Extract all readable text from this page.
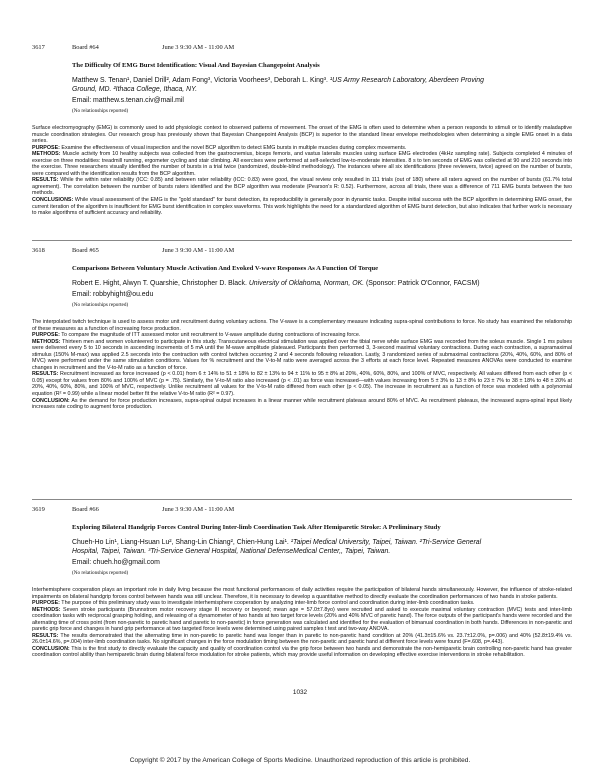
3617	Board #64	June 3 9:30 AM - 11:00 AM
The Difficulty Of EMG Burst Identification: Visual And Bayesian Changepoint Analysis
Matthew S. Tenan¹, Daniel Drill², Adam Fong³, Victoria Voorhees³, Deborah L. King³. ¹US Army Research Laboratory, Aberdeen Proving
Ground, MD. ²Ithaca College, Ithaca, NY.
Email: matthew.s.tenan.civ@mail.mil
(No relationships reported)

Surface electromyography (EMG) is commonly used to add physiologic context to observed patterns of movement. The onset of the EMG is often used to determine when a person responds to stimuli or to identify maladaptive muscle coordination strategies. Our research group has previously shown that Bayesian Changepoint Analysis (BCP) is superior to the standard linear envelope methodologies when determining a single EMG onset in a data series.

PURPOSE: Examine the effectiveness of visual inspection and the novel BCP algorithm to detect EMG bursts in multiple muscles during complex movements.

METHODS: Muscle activity from 10 healthy subjects was collected from the gastrocnemius, biceps femoris, and vastus lateralis muscles using surface EMG electrodes (4kHz sampling rate). Subjects completed 4 minutes of exercise on three modalities: treadmill running, ergometer cycling and stair climbing. All exercises were performed at self-selected low-to-moderate intensities. 8 s to ten seconds of EMG was collected at 90 and 210 seconds into the exercise. Three researchers visually identified the number of bursts in a trial twice (randomized, double-blind methodology). The instances where all six identifications (three reviewers, twice) agreed on the number of bursts, were compared with the identification results from the BCP algorithm.

RESULTS: While the within rater reliability (ICC: 0.85) and between rater reliability (ICC: 0.83) were good, the visual review only resulted in 111 trials (out of 180) where all raters agreed on the number of bursts (61.7% total agreement). The correlation between the number of bursts raters identified and the BCP algorithm was moderate (Pearson's R: 0.52). Furthermore, across all trials, there was a difference of 711 EMG bursts between the two methods.

CONCLUSIONS: While visual assessment of the EMG is the "gold standard" for burst detection, its reproducibility is generally poor in dynamic tasks. Despite initial success with the BCP algorithm in determining EMG onset, the current iteration of the algorithm is insufficient for EMG burst identification in complex waveforms. This work highlights the need for a standardized algorithm of EMG burst detection, but also indicates that further work is necessary to make algorithms of sufficient accuracy and reliability.

3618	Board #65	June 3 9:30 AM - 11:00 AM
Comparisons Between Voluntary Muscle Activation And Evoked V-wave Responses As A Function Of Torque
Robert E. Hight, Alwyn T. Quarshie, Christopher D. Black. University of Oklahoma, Norman, OK. (Sponsor: Patrick O'Connor, FACSM)
Email: robbyhight@ou.edu
(No relationships reported)

The interpolated twitch technique is used to assess motor unit recruitment during voluntary actions. The V-wave is a complementary measure indicating supra-spinal contributions to force. No study has examined the relationship of these measures as a function of increasing force production.

PURPOSE: To compare the magnitude of ITT assessed motor unit recruitment to V-wave amplitude during contractions of increasing force.

METHODS: Thirteen men and women volunteered to participate in this study. Transcutaneous electrical stimulation was applied over the tibial nerve while surface EMG was recorded from the soleus muscle. Single 1 ms pulses were delivered every 5 to 10 seconds in ascending increments of 5 mA until the M-wave amplitude plateaued. Participants then performed 3, 3-second maximal voluntary contractions. During each contraction, a supramaximal stimulus (150% M-max) was applied 2.5 seconds into the contraction with control twitches occurring 2 and 4 seconds following relaxation. Lastly, 3 randomized series of submaximal contractions (20%, 40%, 60%, and 80% of MVC) were performed under the same stimulation conditions. Values for % recruitment and the V-to-M ratio were averaged across the 3 efforts at each force level. Repeated measures ANOVAs were conducted to examine changes in recruitment and the V-to-M ratio as a function of force.

RESULTS: Recruitment increased as force increased (p < 0.01) from 6 ± 14% to 51 ± 18% to 82 ± 13% to 94 ± 11% to 95 ± 8% at 20%, 40%, 60%, 80%, and 100% of MVC, respectively. All values differed from each other (p < 0.05) except for values from 80% and 100% of MVC (p = .75). Similarly, the V-to-M ratio also increased (p < .01) as force was increased—with values increasing from 5 ± 3% to 13 ± 8% to 23 ± 7% to 38 ± 18% to 48 ± 20% at 20%, 40%, 60%, 80%, and 100% of MVC, respectively. Unlike recruitment all values for the V-to-M ratio differed from each other (p < 0.05). The increase in recruitment as a function of force was modeled with a polynomial equation (R² = 0.99) while a linear model better fit the relative V-to-M ratio (R² = 0.97).

CONCLUSION: As the demand for force production increases, supra-spinal output increases in a linear manner while recruitment plateaus around 80% of MVC. As recruitment plateaus, the increased supra-spinal input likely increases rate coding to augment force production.

3619	Board #66	June 3 9:30 AM - 11:00 AM
Exploring Bilateral Handgrip Forces Control During Inter-limb Coordination Task After Hemiparetic Stroke: A Preliminary Study
Chueh-Ho Lin¹, Liang-Hsuan Lu², Shang-Lin Chiang², Chien-Hung Lai¹. ¹Taipei Medical University, Taipei, Taiwan. ²Tri-Service General
Hospital, Taipei, Taiwan. ³Tri-Service General Hospital, National DefenseMedical Center,, Taipei, Taiwan.
Email: chueh.ho@gmail.com
(No relationships reported)

Interhemisphere cooperation plays an important role in daily living because the most functional performances of daily activities require the participation of bilateral hands simultaneously. However, the influence of stroke-related impairments on bilateral handgrip forces control between hands was still unclear. Therefore, it is necessary to develop a quantitative method to directly evaluate the coordination performances of two hands in stroke patients.

PURPOSE: The purpose of this preliminary study was to investigate interhemisphere cooperation by analyzing inter-limb force control and coordination during inter-limb coordination tasks.

METHODS: Seven stroke participants (Brunnstrom motor recovery stage III recovery or beyond; mean age = 57.0±7.8yo) were recruited and asked to execute maximal voluntary contraction (MVC) tests and inter-limb coordination tasks with reciprocal grasping holding, and releasing of a dynamometer of two hands at two target force levels (20% and 40% MVC of paretic hand). The force outputs of the participant's hands were recorded and the alternating time of cross point (from non-paretic to paretic hand and paretic to non-paretic) in force generation was calculated and identified for the evaluation of bimanual coordination in both hands. Differences in non-paretic and paretic grip force and changes in hand grip performance at two targeted force levels were determined using paired samples t test and two-way ANOVA.

RESULTS: The results demonstrated that the alternating time in non-paretic to paretic hand was longer than in paretic to non-paretic hand condition at 20% (41.3±15.6% vs. 23.7±12.0%, p=.006) and 40% (52.8±19.4% vs. 26.0±14.6%, p=.004) inter-limb coordination tasks. No significant changes in the force modulation timing between the non-paretic and paretic hand at different force levels were found (F=.608, p=.443).

CONCLUSION: This is the first study to directly evaluate the capacity and quality of coordination control via the grip force between two hands and demonstrate the non-hemiparetic brain controlling non-paretic hand has greater coordination control ability than hemiparetic brain during bilateral force modulation for stroke patients, which may provide useful information on developing effective exercise interventions in stroke rehabilitation.

1032
Copyright © 2017 by the American College of Sports Medicine. Unauthorized reproduction of this article is prohibited.
